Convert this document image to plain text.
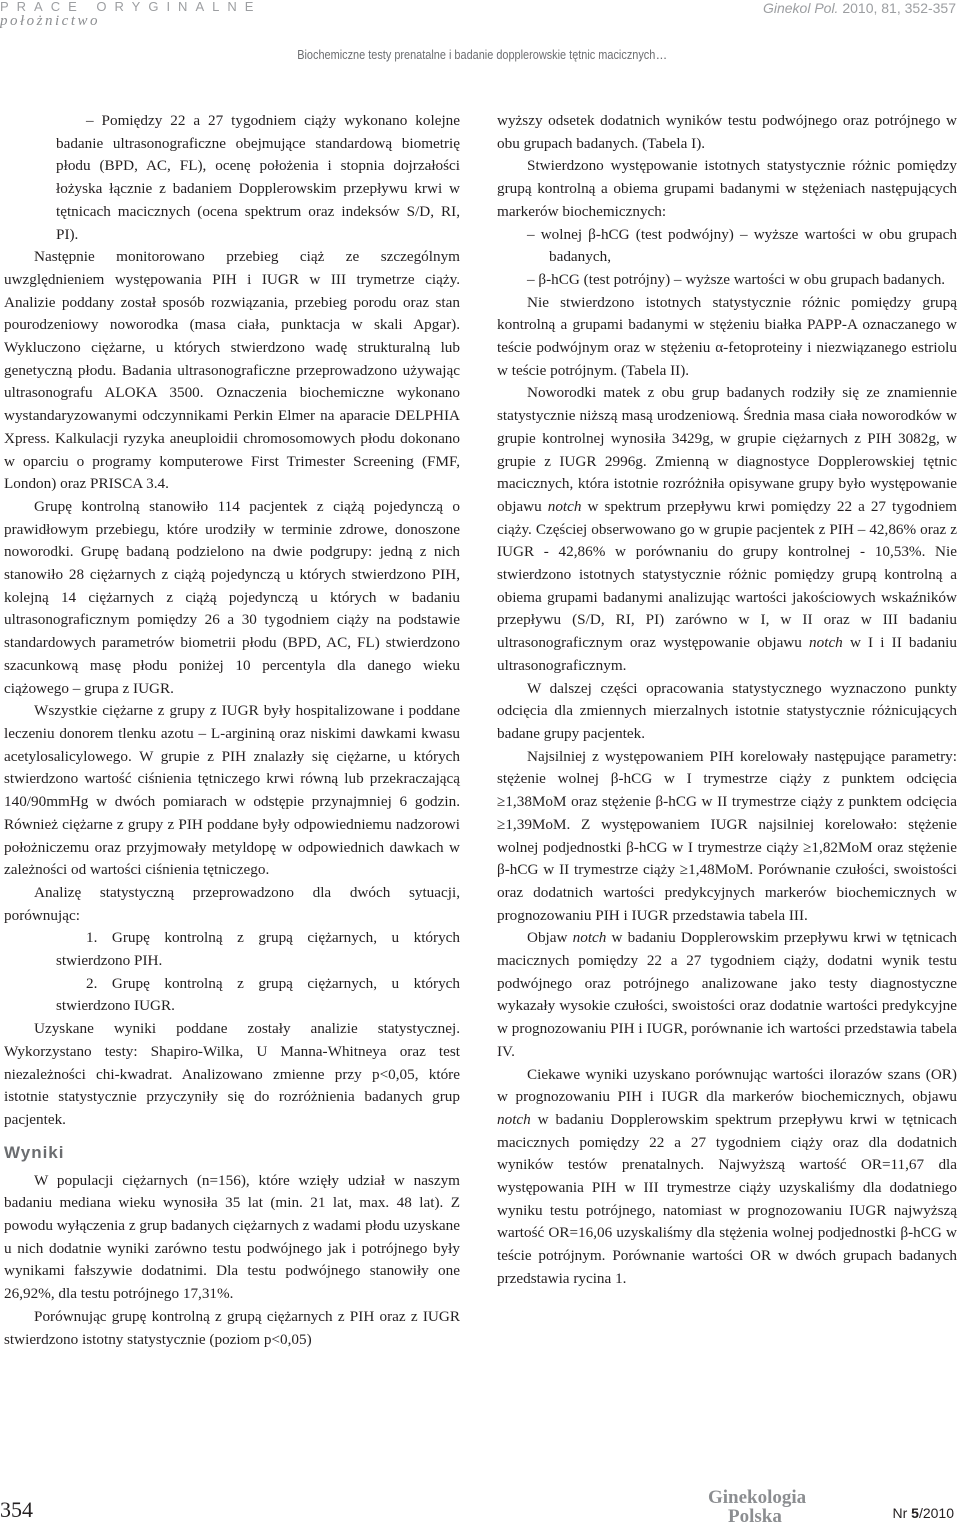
PRACE ORYGINALNE
położnictwo
Ginekol Pol. 2010, 81, 352-357
Biochemiczne testy prenatalne i badanie dopplerowskie tętnic macicznych ...

– Pomiędzy 22 a 27 tygodniem ciąży wykonano kolejne badanie ultrasonograficzne obejmujące standardową biometrię płodu (BPD, AC, FL), ocenę położenia i stopnia dojrzałości łożyska łącznie z badaniem Dopplerowskim przepływu krwi w tętnicach macicznych (ocena spektrum oraz indeksów S/D, RI, PI).

Następnie monitorowano przebieg ciąż ze szczególnym uwzględnieniem występowania PIH i IUGR w III trymetrze ciąży. Analizie poddany został sposób rozwiązania, przebieg porodu oraz stan pourodzeniowy noworodka (masa ciała, punktacja w skali Apgar). Wykluczono ciężarne, u których stwierdzono wadę strukturalną lub genetyczną płodu. Badania ultrasonograficzne przeprowadzono używając ultrasonografu ALOKA 3500. Oznaczenia biochemiczne wykonano wystandaryzowanymi odczynnikami Perkin Elmer na aparacie DELPHIA Xpress. Kalkulacji ryzyka aneuploidii chromosomowych płodu dokonano w oparciu o programy komputerowe First Trimester Screening (FMF, London) oraz PRISCA 3.4.

Grupę kontrolną stanowiło 114 pacjentek z ciążą pojedynczą o prawidłowym przebiegu, które urodziły w terminie zdrowe, donoszone noworodki. Grupę badaną podzielono na dwie podgrupy: jedną z nich stanowiło 28 ciężarnych z ciążą pojedynczą u których stwierdzono PIH, kolejną 14 ciężarnych z ciążą pojedynczą u których w badaniu ultrasonograficznym pomiędzy 26 a 30 tygodniem ciąży na podstawie standardowych parametrów biometrii płodu (BPD, AC, FL) stwierdzono szacunkową masę płodu poniżej 10 percentyla dla danego wieku ciążowego – grupa z IUGR.

Wszystkie ciężarne z grupy z IUGR były hospitalizowane i poddane leczeniu donorem tlenku azotu – L-argininą oraz niskimi dawkami kwasu acetylosalicylowego. W grupie z PIH znalazły się ciężarne, u których stwierdzono wartość ciśnienia tętniczego krwi równą lub przekraczającą 140/90mmHg w dwóch pomiarach w odstępie przynajmniej 6 godzin. Również ciężarne z grupy z PIH poddane były odpowiedniemu nadzorowi położniczemu oraz przyjmowały metyldopę w odpowiednich dawkach w zależności od wartości ciśnienia tętniczego.

Analizę statystyczną przeprowadzono dla dwóch sytuacji, porównując:

1. Grupę kontrolną z grupą ciężarnych, u których stwierdzono PIH.

2. Grupę kontrolną z grupą ciężarnych, u których stwierdzono IUGR.

Uzyskane wyniki poddane zostały analizie statystycznej. Wykorzystano testy: Shapiro-Wilka, U Manna-Whitneya oraz test niezależności chi-kwadrat. Analizowano zmienne przy p<0,05, które istotnie statystycznie przyczyniły się do rozróżnienia badanych grup pacjentek.

Wyniki

W populacji ciężarnych (n=156), które wzięły udział w naszym badaniu mediana wieku wynosiła 35 lat (min. 21 lat, max. 48 lat). Z powodu wyłączenia z grup badanych ciężarnych z wadami płodu uzyskane u nich dodatnie wyniki zarówno testu podwójnego jak i potrójnego były wynikami fałszywie dodatnimi. Dla testu podwójnego stanowiły one 26,92%, dla testu potrójnego 17,31%.

Porównując grupę kontrolną z grupą ciężarnych z PIH oraz z IUGR stwierdzono istotny statystycznie (poziom p<0,05)

wyższy odsetek dodatnich wyników testu podwójnego oraz potrójnego w obu grupach badanych. (Tabela I).

Stwierdzono występowanie istotnych statystycznie różnic pomiędzy grupą kontrolną a obiema grupami badanymi w stężeniach następujących markerów biochemicznych:

– wolnej β-hCG (test podwójny) – wyższe wartości w obu grupach badanych,

– β-hCG (test potrójny) – wyższe wartości w obu grupach badanych.

Nie stwierdzono istotnych statystycznie różnic pomiędzy grupą kontrolną a grupami badanymi w stężeniu białka PAPP-A oznaczanego w teście podwójnym oraz w stężeniu α-fetoproteiny i niezwiązanego estriolu w teście potrójnym. (Tabela II).

Noworodki matek z obu grup badanych rodziły się ze znamiennie statystycznie niższą masą urodzeniową. Średnia masa ciała noworodków w grupie kontrolnej wynosiła 3429g, w grupie ciężarnych z PIH 3082g, w grupie z IUGR 2996g. Zmienną w diagnostyce Dopplerowskiej tętnic macicznych, która istotnie rozróżniła opisywane grupy było występowanie objawu notch w spektrum przepływu krwi pomiędzy 22 a 27 tygodniem ciąży. Częściej obserwowano go w grupie pacjentek z PIH – 42,86% oraz z IUGR - 42,86% w porównaniu do grupy kontrolnej - 10,53%. Nie stwierdzono istotnych statystycznie różnic pomiędzy grupą kontrolną a obiema grupami badanymi analizując wartości jakościowych wskaźników przepływu (S/D, RI, PI) zarówno w I, w II oraz w III badaniu ultrasonograficznym oraz występowanie objawu notch w I i II badaniu ultrasonograficznym.

W dalszej części opracowania statystycznego wyznaczono punkty odcięcia dla zmiennych mierzalnych istotnie statystycznie różnicujących badane grupy pacjentek.

Najsilniej z występowaniem PIH korelowały następujące parametry: stężenie wolnej β-hCG w I trymestrze ciąży z punktem odcięcia ≥1,38MoM oraz stężenie β-hCG w II trymestrze ciąży z punktem odcięcia ≥1,39MoM. Z występowaniem IUGR najsilniej korelowało: stężenie wolnej podjednostki β-hCG w I trymestrze ciąży ≥1,82MoM oraz stężenie β-hCG w II trymestrze ciąży ≥1,48MoM. Porównanie czułości, swoistości oraz dodatnich wartości predykcyjnych markerów biochemicznych w prognozowaniu PIH i IUGR przedstawia tabela III.

Objaw notch w badaniu Dopplerowskim przepływu krwi w tętnicach macicznych pomiędzy 22 a 27 tygodniem ciąży, dodatni wynik testu podwójnego oraz potrójnego analizowane jako testy diagnostyczne wykazały wysokie czułości, swoistości oraz dodatnie wartości predykcyjne w prognozowaniu PIH i IUGR, porównanie ich wartości przedstawia tabela IV.

Ciekawe wyniki uzyskano porównując wartości ilorazów szans (OR) w prognozowaniu PIH i IUGR dla markerów biochemicznych, objawu notch w badaniu Dopplerowskim spektrum przepływu krwi w tętnicach macicznych pomiędzy 22 a 27 tygodniem ciąży oraz dla dodatnich wyników testów prenatalnych. Najwyższą wartość OR=11,67 dla występowania PIH w III trymestrze ciąży uzyskaliśmy dla dodatniego wyniku testu potrójnego, natomiast w prognozowaniu IUGR najwyższą wartość OR=16,06 uzyskaliśmy dla stężenia wolnej podjednostki β-hCG w teście potrójnym. Porównanie wartości OR w dwóch grupach badanych przedstawia rycina 1.

354	Ginekologia
Polska	Nr 5/2010
